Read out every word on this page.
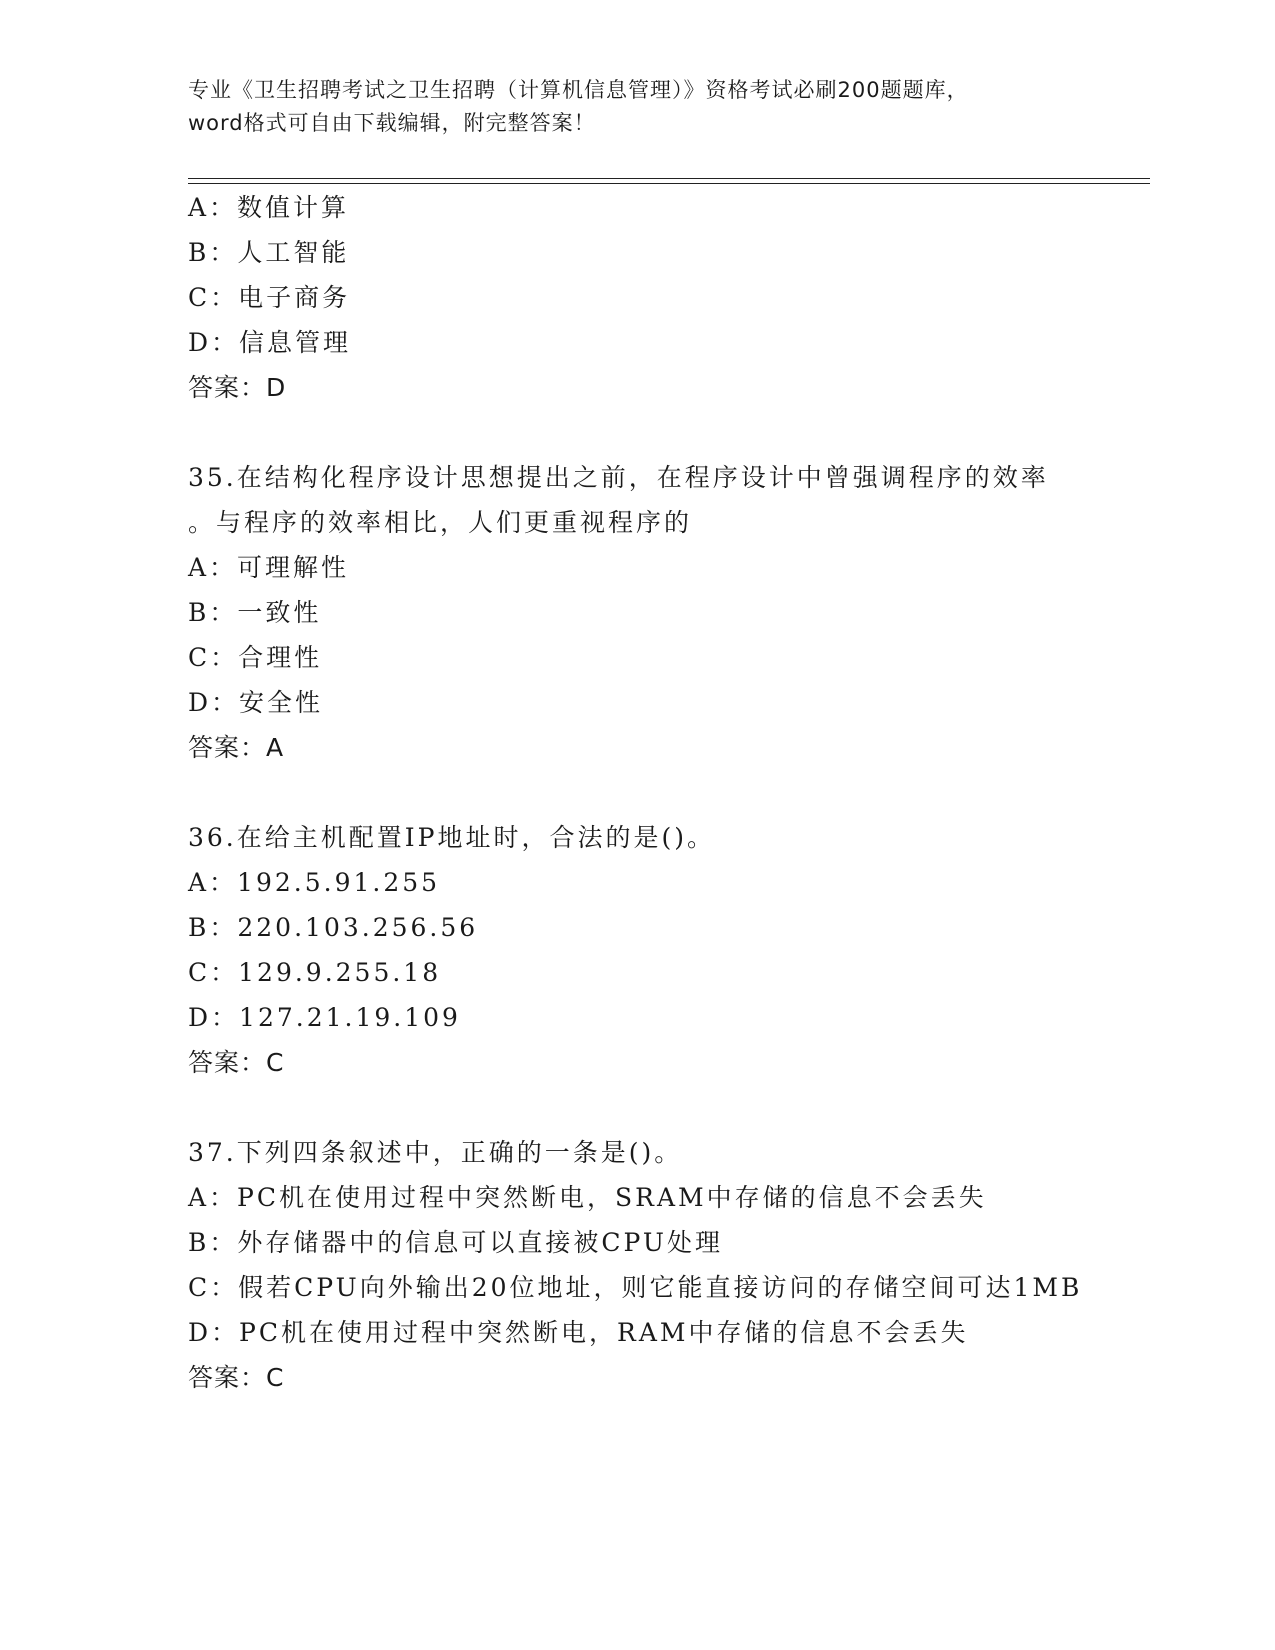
专业《卫生招聘考试之卫生招聘（计算机信息管理）》资格考试必刷200题题库，
word格式可自由下载编辑，附完整答案！
A：数值计算
B：人工智能
C：电子商务
D：信息管理
答案：D
35.在结构化程序设计思想提出之前，在程序设计中曾强调程序的效率
。与程序的效率相比，人们更重视程序的
A：可理解性
B：一致性
C：合理性
D：安全性
答案：A
36.在给主机配置IP地址时，合法的是()。
A：192.5.91.255
B：220.103.256.56
C：129.9.255.18
D：127.21.19.109
答案：C
37.下列四条叙述中，正确的一条是()。
A：PC机在使用过程中突然断电，SRAM中存储的信息不会丢失
B：外存储器中的信息可以直接被CPU处理
C：假若CPU向外输出20位地址，则它能直接访问的存储空间可达1MB
D：PC机在使用过程中突然断电，RAM中存储的信息不会丢失
答案：C
